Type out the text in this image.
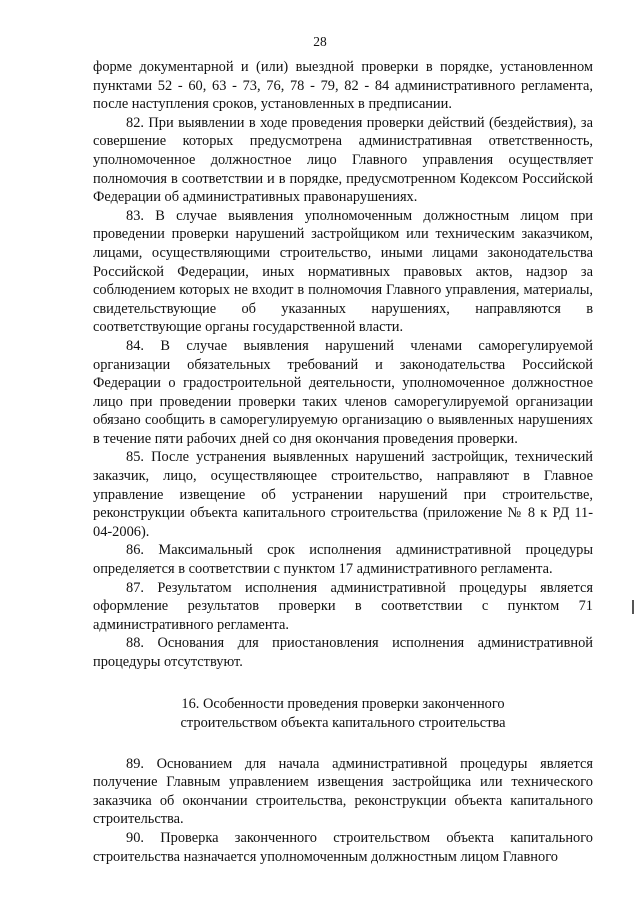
28

форме документарной и (или) выездной проверки в порядке, установленном пунктами 52 - 60, 63 - 73, 76, 78 - 79, 82 - 84 административного регламента, после наступления сроков, установленных в предписании.

82. При выявлении в ходе проведения проверки действий (бездействия), за совершение которых предусмотрена административная ответственность, уполномоченное должностное лицо Главного управления осуществляет полномочия в соответствии и в порядке, предусмотренном Кодексом Российской Федерации об административных правонарушениях.

83. В случае выявления уполномоченным должностным лицом при проведении проверки нарушений застройщиком или техническим заказчиком, лицами, осуществляющими строительство, иными лицами законодательства Российской Федерации, иных нормативных правовых актов, надзор за соблюдением которых не входит в полномочия Главного управления, материалы, свидетельствующие об указанных нарушениях, направляются в соответствующие органы государственной власти.

84. В случае выявления нарушений членами саморегулируемой организации обязательных требований и законодательства Российской Федерации о градостроительной деятельности, уполномоченное должностное лицо при проведении проверки таких членов саморегулируемой организации обязано сообщить в саморегулируемую организацию о выявленных нарушениях в течение пяти рабочих дней со дня окончания проведения проверки.

85. После устранения выявленных нарушений застройщик, технический заказчик, лицо, осуществляющее строительство, направляют в Главное управление извещение об устранении нарушений при строительстве, реконструкции объекта капитального строительства (приложение № 8 к РД 11-04-2006).

86. Максимальный срок исполнения административной процедуры определяется в соответствии с пунктом 17 административного регламента.

87. Результатом исполнения административной процедуры является оформление результатов проверки в соответствии с пунктом 71 административного регламента.

88. Основания для приостановления исполнения административной процедуры отсутствуют.

16. Особенности проведения проверки законченного
строительством объекта капитального строительства

89. Основанием для начала административной процедуры является получение Главным управлением извещения застройщика или технического заказчика об окончании строительства, реконструкции объекта капитального строительства.

90. Проверка законченного строительством объекта капитального строительства назначается уполномоченным должностным лицом Главного
